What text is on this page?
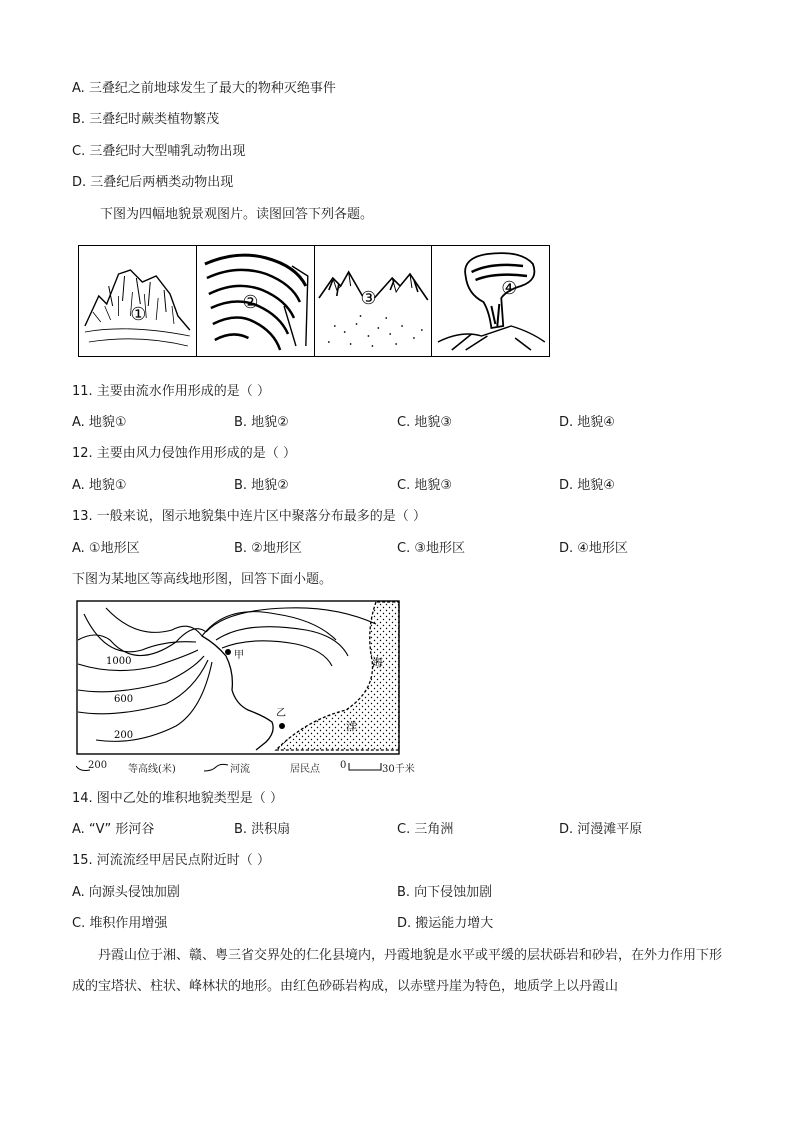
A. 三叠纪之前地球发生了最大的物种灭绝事件
B. 三叠纪时蕨类植物繁茂
C. 三叠纪时大型哺乳动物出现
D. 三叠纪后两栖类动物出现
下图为四幅地貌景观图片。读图回答下列各题。
①
②	③	④
11. 主要由流水作用形成的是（ ）
A. 地貌①	B. 地貌②	C. 地貌③	D. 地貌④
12. 主要由风力侵蚀作用形成的是（ ）
A. 地貌①	B. 地貌②	C. 地貌③	D. 地貌④
13. 一般来说，图示地貌集中连片区中聚落分布最多的是（ ）
A. ①地形区	B. ②地形区	C. ③地形区	D. ④地形区
下图为某地区等高线地形图，回答下面小题。
甲
乙
海
洋
1000
600
200
200 等高线(米)	河流	居民点 0	30千米
14. 图中乙处的堆积地貌类型是（ ）
A. “V” 形河谷	B. 洪积扇	C. 三角洲	D. 河漫滩平原
15. 河流流经甲居民点附近时（ ）
A. 向源头侵蚀加剧	B. 向下侵蚀加剧
C. 堆积作用增强	D. 搬运能力增大

丹霞山位于湘、赣、粤三省交界处的仁化县境内，丹霞地貌是水平或平缓的层状砾岩和砂岩，在外力作用下形成的宝塔状、柱状、峰林状的地形。由红色砂砾岩构成，以赤壁丹崖为特色，地质学上以丹霞山
